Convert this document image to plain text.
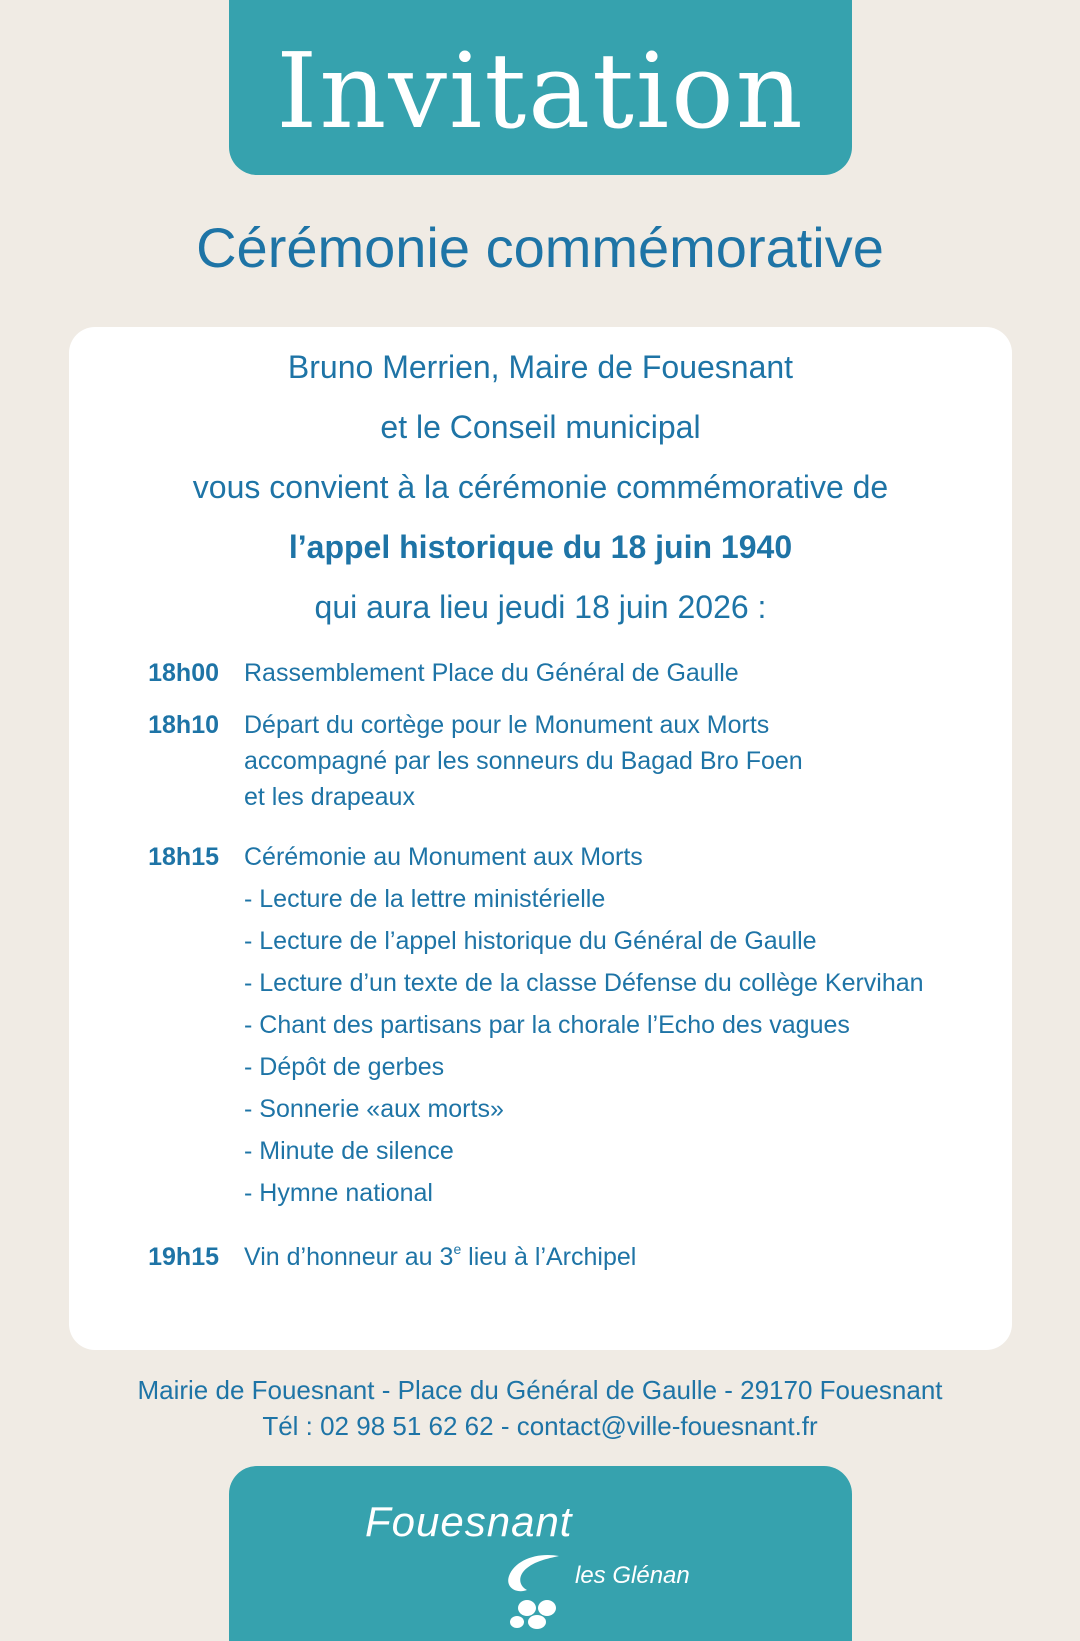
Invitation
Cérémonie commémorative
Bruno Merrien, Maire de Fouesnant
et le Conseil municipal
vous convient à la cérémonie commémorative de
l’appel historique du 18 juin 1940
qui aura lieu jeudi 18 juin 2026 :
18h00 Rassemblement Place du Général de Gaulle
18h10 Départ du cortège pour le Monument aux Morts
accompagné par les sonneurs du Bagad Bro Foen
et les drapeaux
18h15 Cérémonie au Monument aux Morts
- Lecture de la lettre ministérielle
- Lecture de l’appel historique du Général de Gaulle
- Lecture d’un texte de la classe Défense du collège Kervihan
- Chant des partisans par la chorale l’Echo des vagues
- Dépôt de gerbes
- Sonnerie «aux morts»
- Minute de silence
- Hymne national
19h15 Vin d’honneur au 3e lieu à l’Archipel
Mairie de Fouesnant - Place du Général de Gaulle - 29170 Fouesnant
Tél : 02 98 51 62 62 - contact@ville-fouesnant.fr
Fouesnant
les Glénan
